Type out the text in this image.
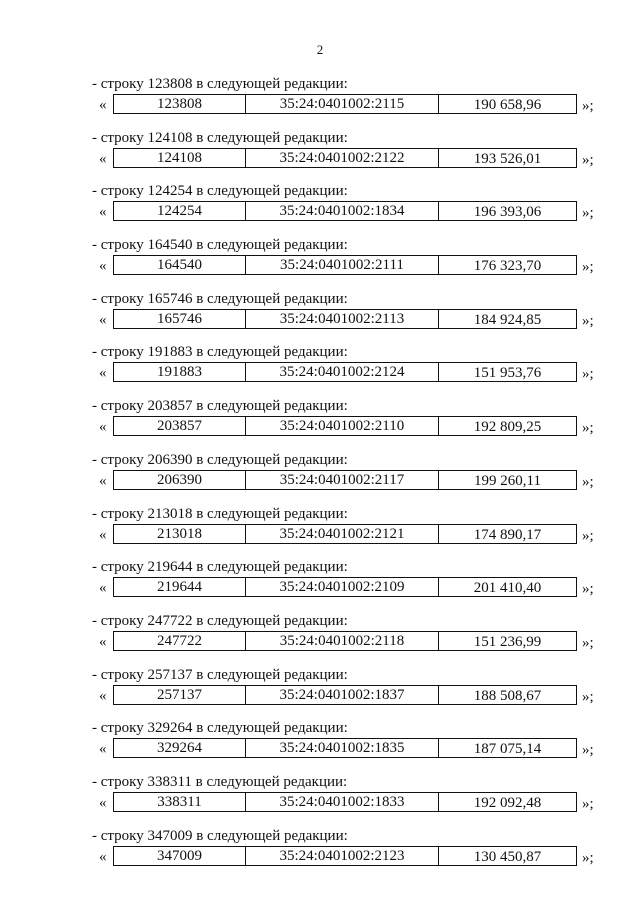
2
- строку 123808 в следующей редакции:
«	123808	35:24:0401002:2115	190 658,96	»;
- строку 124108 в следующей редакции:
«	124108	35:24:0401002:2122	193 526,01	»;
- строку 124254 в следующей редакции:
«	124254	35:24:0401002:1834	196 393,06	»;
- строку 164540 в следующей редакции:
«	164540	35:24:0401002:2111	176 323,70	»;
- строку 165746 в следующей редакции:
«	165746	35:24:0401002:2113	184 924,85	»;
- строку 191883 в следующей редакции:
«	191883	35:24:0401002:2124	151 953,76	»;
- строку 203857 в следующей редакции:
«	203857	35:24:0401002:2110	192 809,25	»;
- строку 206390 в следующей редакции:
«	206390	35:24:0401002:2117	199 260,11	»;
- строку 213018 в следующей редакции:
«	213018	35:24:0401002:2121	174 890,17	»;
- строку 219644 в следующей редакции:
«	219644	35:24:0401002:2109	201 410,40	»;
- строку 247722 в следующей редакции:
«	247722	35:24:0401002:2118	151 236,99	»;
- строку 257137 в следующей редакции:
«	257137	35:24:0401002:1837	188 508,67	»;
- строку 329264 в следующей редакции:
«	329264	35:24:0401002:1835	187 075,14	»;
- строку 338311 в следующей редакции:
«	338311	35:24:0401002:1833	192 092,48	»;
- строку 347009 в следующей редакции:
«	347009	35:24:0401002:2123	130 450,87	»;
